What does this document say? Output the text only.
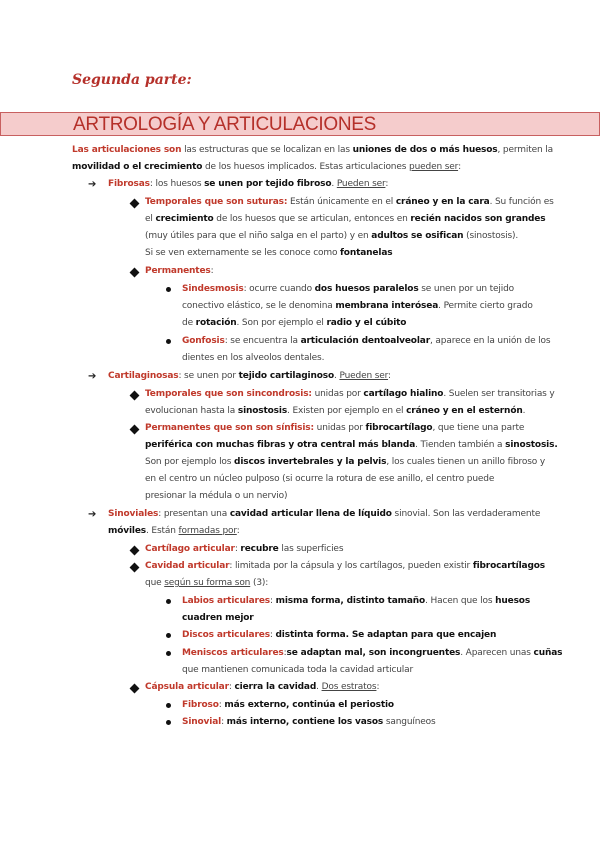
Segunda parte:
ARTROLOGÍA Y ARTICULACIONES
Las articulaciones son las estructuras que se localizan en las uniones de dos o más huesos, permiten la
movilidad o el crecimiento de los huesos implicados. Estas articulaciones pueden ser:
➔ Fibrosas: los huesos se unen por tejido fibroso. Pueden ser:
Temporales que son suturas: Están únicamente en el cráneo y en la cara. Su función es
el crecimiento de los huesos que se articulan, entonces en recién nacidos son grandes
(muy útiles para que el niño salga en el parto) y en adultos se osifican (sinostosis).
Si se ven externamente se les conoce como fontanelas
Permanentes:
Sindesmosis: ocurre cuando dos huesos paralelos se unen por un tejido
conectivo elástico, se le denomina membrana interósea. Permite cierto grado
de rotación. Son por ejemplo el radio y el cúbito
Gonfosis: se encuentra la articulación dentoalveolar, aparece en la unión de los
dientes en los alveolos dentales.
➔ Cartilaginosas: se unen por tejido cartilaginoso. Pueden ser:
Temporales que son sincondrosis: unidas por cartílago hialino. Suelen ser transitorias y
evolucionan hasta la sinostosis. Existen por ejemplo en el cráneo y en el esternón.
Permanentes que son son sínfisis: unidas por fibrocartílago, que tiene una parte
periférica con muchas fibras y otra central más blanda. Tienden también a sinostosis.
Son por ejemplo los discos invertebrales y la pelvis, los cuales tienen un anillo fibroso y
en el centro un núcleo pulposo (si ocurre la rotura de ese anillo, el centro puede
presionar la médula o un nervio)
➔ Sinoviales: presentan una cavidad articular llena de líquido sinovial. Son las verdaderamente
móviles. Están formadas por:
Cartílago articular: recubre las superficies
Cavidad articular: limitada por la cápsula y los cartílagos, pueden existir fibrocartílagos
que según su forma son (3):
Labios articulares: misma forma, distinto tamaño. Hacen que los huesos
cuadren mejor
Discos articulares: distinta forma. Se adaptan para que encajen
Meniscos articulares:se adaptan mal, son incongruentes. Aparecen unas cuñas
que mantienen comunicada toda la cavidad articular
Cápsula articular: cierra la cavidad. Dos estratos:
Fibroso: más externo, continúa el periostio
Sinovial: más interno, contiene los vasos sanguíneos
